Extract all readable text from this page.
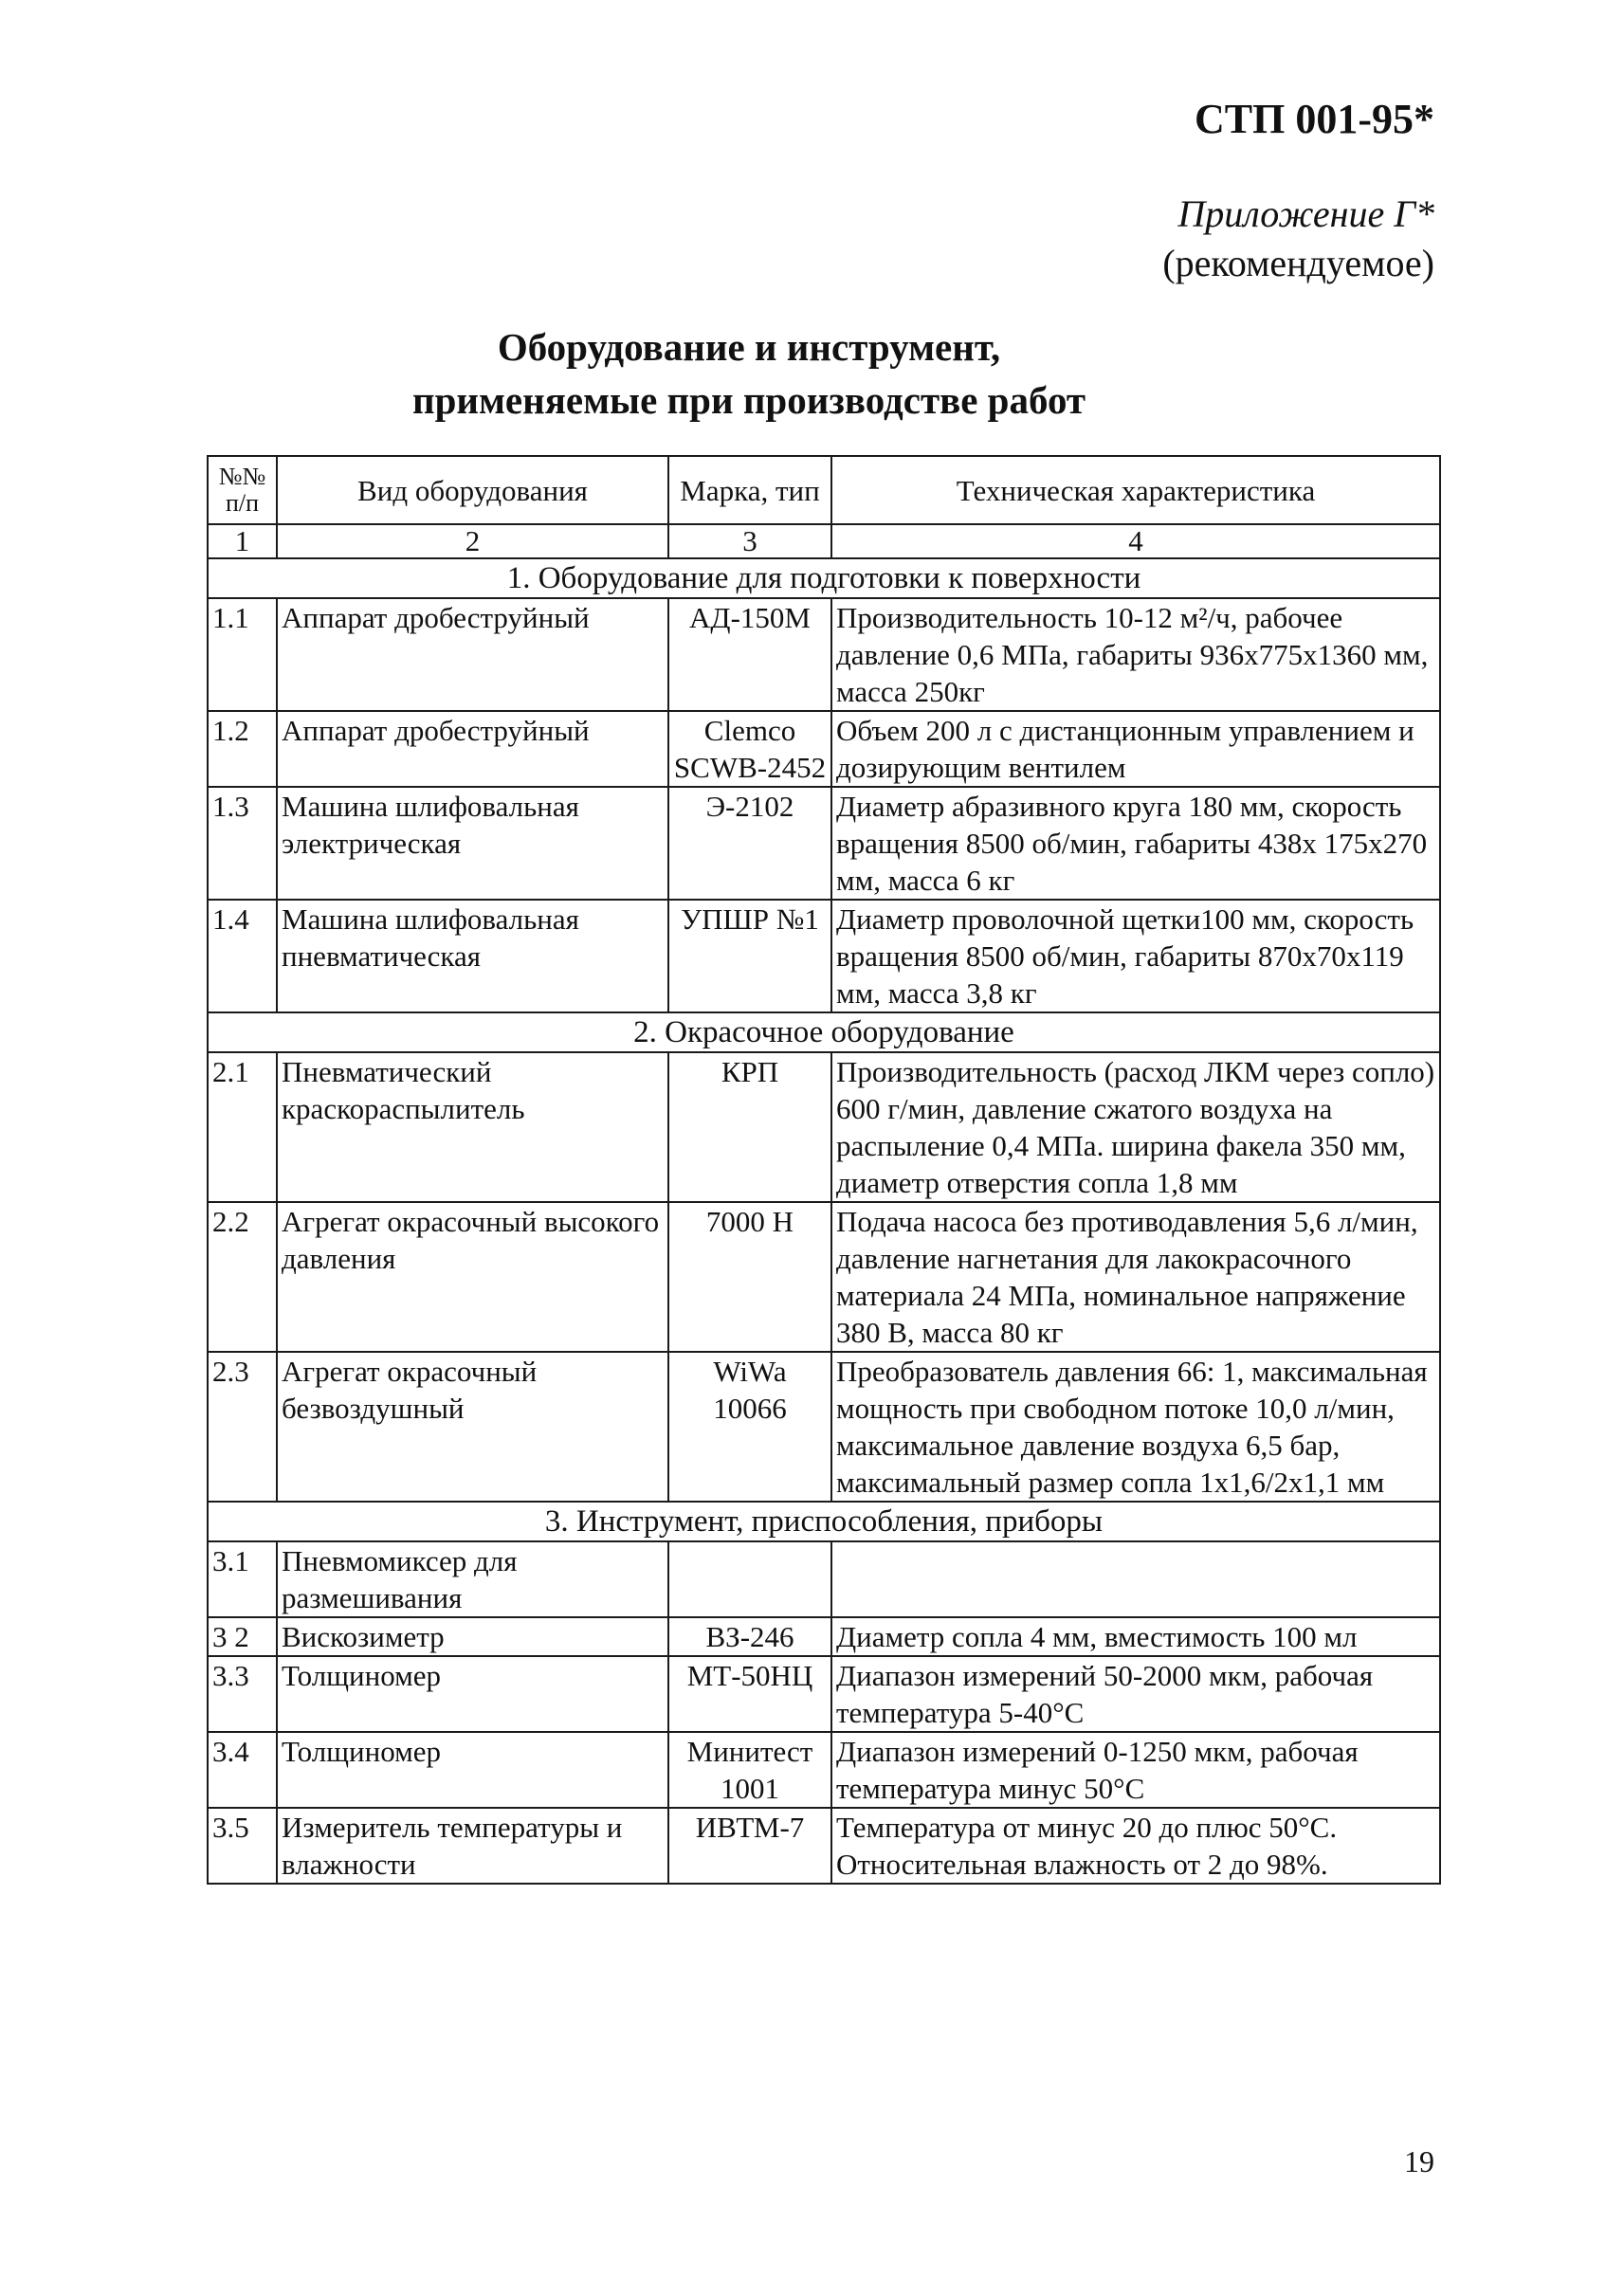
СТП 001-95*
Приложение Г*
(рекомендуемое)
Оборудование и инструмент,
применяемые при производстве работ
№№ п/п	Вид оборудования	Марка, тип	Техническая характеристика
1	2	3	4
1. Оборудование для подготовки к поверхности			
1.1	Аппарат дробеструйный	АД-150М	Производительность 10-12 м²/ч, рабочее давление 0,6 МПа, габариты 936х775х1360 мм, масса 250кг
1.2	Аппарат дробеструйный	Clemco SCWB-2452	Объем 200 л с дистанционным управлением и дозирующим вентилем
1.3	Машина шлифовальная электрическая	Э-2102	Диаметр абразивного круга 180 мм, скорость вращения 8500 об/мин, габариты 438х 175х270 мм, масса 6 кг
1.4	Машина шлифовальная пневматическая	УПШР №1	Диаметр проволочной щетки100 мм, скорость вращения 8500 об/мин, габариты 870х70х119 мм, масса 3,8 кг
2. Окрасочное оборудование			
2.1	Пневматический краскораспылитель	КРП	Производительность (расход ЛКМ через сопло) 600 г/мин, давление сжатого воздуха на распыление 0,4 МПа. ширина факела 350 мм, диаметр отверстия сопла 1,8 мм
2.2	Агрегат окрасочный высокого давления	7000 Н	Подача насоса без противодавления 5,6 л/мин, давление нагнетания для лакокрасочного материала 24 МПа, номинальное напряжение 380 В, масса 80 кг
2.3	Агрегат окрасочный безвоздушный	WiWa 10066	Преобразователь давления 66: 1, максимальная мощность при свободном потоке 10,0 л/мин, максимальное давление воздуха 6,5 бар, максимальный размер сопла 1х1,6/2х1,1 мм
3. Инструмент, приспособления, приборы			
3.1	Пневмомиксер для размешивания		
3 2	Вискозиметр	ВЗ-246	Диаметр сопла 4 мм, вместимость 100 мл
3.3	Толщиномер	МТ-50НЦ	Диапазон измерений 50-2000 мкм, рабочая температура 5-40°С
3.4	Толщиномер	Минитест 1001	Диапазон измерений 0-1250 мкм, рабочая температура минус 50°С
3.5	Измеритель температуры и влажности	ИВТМ-7	Температура от минус 20 до плюс 50°С. Относительная влажность от 2 до 98%.
19
